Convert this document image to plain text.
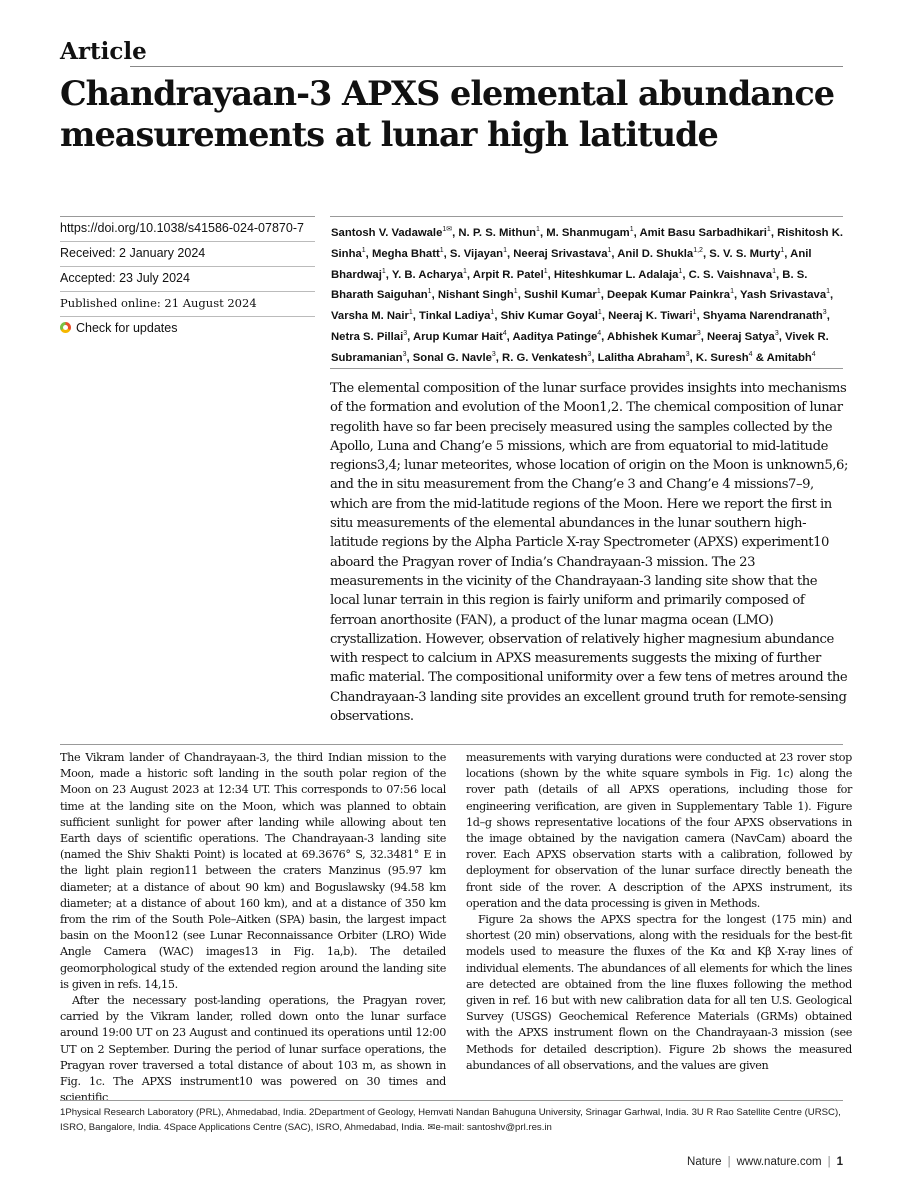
Article
Chandrayaan-3 APXS elemental abundance measurements at lunar high latitude
https://doi.org/10.1038/s41586-024-07870-7
Received: 2 January 2024
Accepted: 23 July 2024
Published online: 21 August 2024
Check for updates
Santosh V. Vadawale$^{1✉}$, N. P. S. Mithun$^1$, M. Shanmugam$^1$, Amit Basu Sarbadhikari$^1$, Rishitosh K. Sinha$^1$, Megha Bhatt$^1$, S. Vijayan$^1$, Neeraj Srivastava$^1$, Anil D. Shukla$^{1,2}$, S. V. S. Murty$^1$, Anil Bhardwaj$^1$, Y. B. Acharya$^1$, Arpit R. Patel$^1$, Hiteshkumar L. Adalaja$^1$, C. S. Vaishnava$^1$, B. S. Bharath Saiguhan$^1$, Nishant Singh$^1$, Sushil Kumar$^1$, Deepak Kumar Painkra$^1$, Yash Srivastava$^1$, Varsha M. Nair$^1$, Tinkal Ladiya$^1$, Shiv Kumar Goyal$^1$, Neeraj K. Tiwari$^1$, Shyama Narendranath$^3$, Netra S. Pillai$^3$, Arup Kumar Hait$^4$, Aaditya Patinge$^4$, Abhishek Kumar$^3$, Neeraj Satya$^3$, Vivek R. Subramanian$^3$, Sonal G. Navle$^3$, R. G. Venkatesh$^3$, Lalitha Abraham$^3$, K. Suresh$^4$ & Amitabh$^4$

The elemental composition of the lunar surface provides insights into mechanisms of the formation and evolution of the Moon1,2. The chemical composition of lunar regolith have so far been precisely measured using the samples collected by the Apollo, Luna and Chang’e 5 missions, which are from equatorial to mid-latitude regions3,4; lunar meteorites, whose location of origin on the Moon is unknown5,6; and the in situ measurement from the Chang’e 3 and Chang’e 4 missions7–9, which are from the mid-latitude regions of the Moon. Here we report the first in situ measurements of the elemental abundances in the lunar southern high-latitude regions by the Alpha Particle X-ray Spectrometer (APXS) experiment10 aboard the Pragyan rover of India’s Chandrayaan-3 mission. The 23 measurements in the vicinity of the Chandrayaan-3 landing site show that the local lunar terrain in this region is fairly uniform and primarily composed of ferroan anorthosite (FAN), a product of the lunar magma ocean (LMO) crystallization. However, observation of relatively higher magnesium abundance with respect to calcium in APXS measurements suggests the mixing of further mafic material. The compositional uniformity over a few tens of metres around the Chandrayaan-3 landing site provides an excellent ground truth for remote-sensing observations.

The Vikram lander of Chandrayaan-3, the third Indian mission to the Moon, made a historic soft landing in the south polar region of the Moon on 23 August 2023 at 12:34 UT. This corresponds to 07:56 local time at the landing site on the Moon, which was planned to obtain sufficient sunlight for power after landing while allowing about ten Earth days of scientific operations. The Chandrayaan-3 landing site (named the Shiv Shakti Point) is located at 69.3676° S, 32.3481° E in the light plain region11 between the craters Manzinus (95.97 km diameter; at a distance of about 90 km) and Boguslawsky (94.58 km diameter; at a distance of about 160 km), and at a distance of 350 km from the rim of the South Pole–Aitken (SPA) basin, the largest impact basin on the Moon12 (see Lunar Reconnaissance Orbiter (LRO) Wide Angle Camera (WAC) images13 in Fig. 1a,b). The detailed geomorphological study of the extended region around the landing site is given in refs. 14,15.

After the necessary post-landing operations, the Pragyan rover, carried by the Vikram lander, rolled down onto the lunar surface around 19:00 UT on 23 August and continued its operations until 12:00 UT on 2 September. During the period of lunar surface operations, the Pragyan rover traversed a total distance of about 103 m, as shown in Fig. 1c. The APXS instrument10 was powered on 30 times and scientific

measurements with varying durations were conducted at 23 rover stop locations (shown by the white square symbols in Fig. 1c) along the rover path (details of all APXS operations, including those for engineering verification, are given in Supplementary Table 1). Figure 1d–g shows representative locations of the four APXS observations in the image obtained by the navigation camera (NavCam) aboard the rover. Each APXS observation starts with a calibration, followed by deployment for observation of the lunar surface directly beneath the front side of the rover. A description of the APXS instrument, its operation and the data processing is given in Methods.

Figure 2a shows the APXS spectra for the longest (175 min) and shortest (20 min) observations, along with the residuals for the best-fit models used to measure the fluxes of the Kα and Kβ X-ray lines of individual elements. The abundances of all elements for which the lines are detected are obtained from the line fluxes following the method given in ref. 16 but with new calibration data for all ten U.S. Geological Survey (USGS) Geochemical Reference Materials (GRMs) obtained with the APXS instrument flown on the Chandrayaan-3 mission (see Methods for detailed description). Figure 2b shows the measured abundances of all observations, and the values are given

1Physical Research Laboratory (PRL), Ahmedabad, India. 2Department of Geology, Hemvati Nandan Bahuguna University, Srinagar Garhwal, India. 3U R Rao Satellite Centre (URSC), ISRO, Bangalore, India. 4Space Applications Centre (SAC), ISRO, Ahmedabad, India. ✉e-mail: santoshv@prl.res.in

Nature | www.nature.com | 1
